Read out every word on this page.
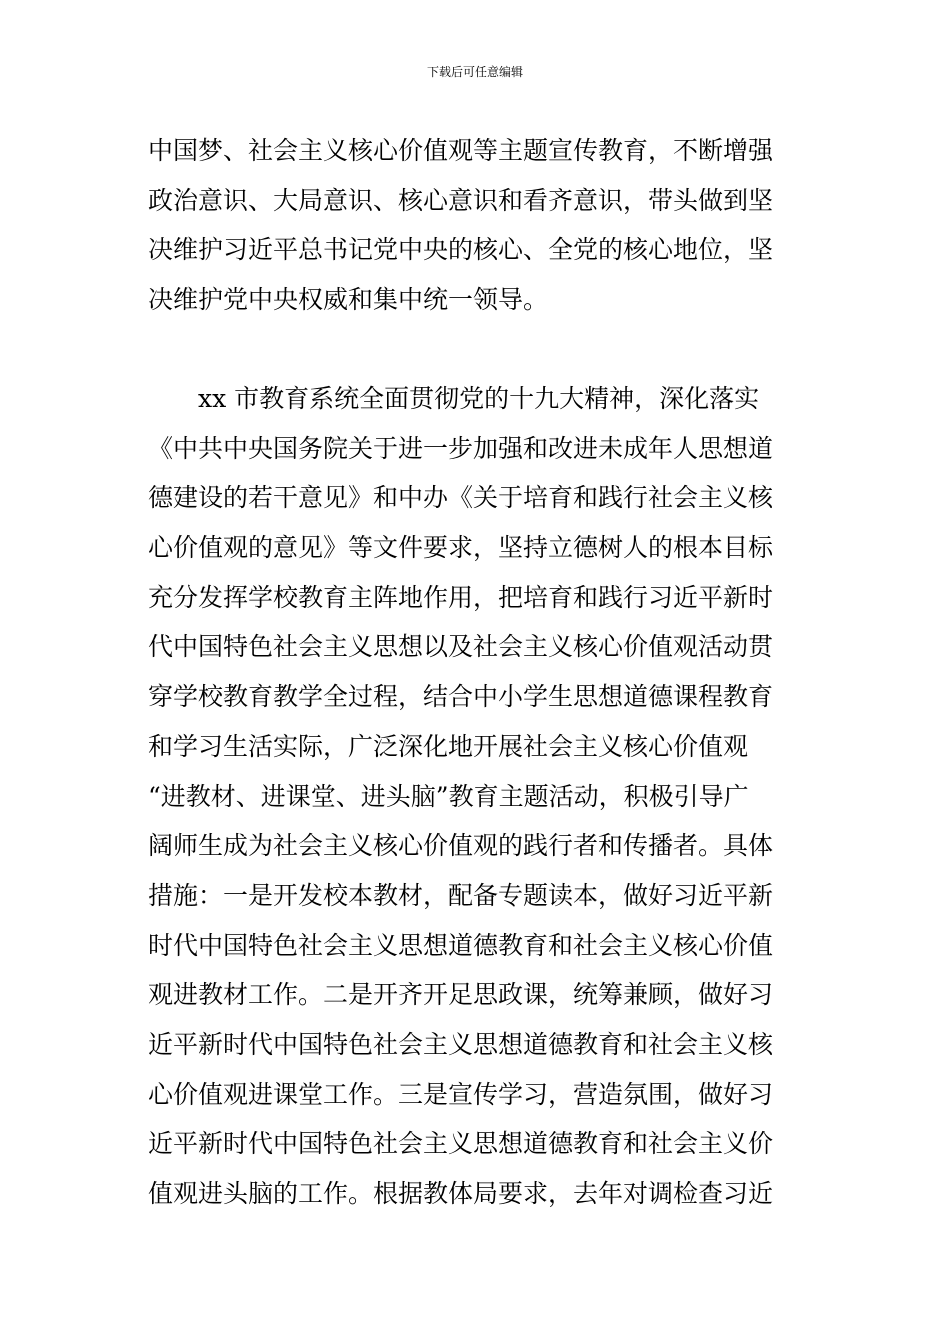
下载后可任意编辑
中国梦、社会主义核心价值观等主题宣传教育，不断增强
政治意识、大局意识、核心意识和看齐意识，带头做到坚
决维护习近平总书记党中央的核心、全党的核心地位，坚
决维护党中央权威和集中统一领导。
　　xx 市教育系统全面贯彻党的十九大精神，深化落实
《中共中央国务院关于进一步加强和改进未成年人思想道
德建设的若干意见》和中办《关于培育和践行社会主义核
心价值观的意见》等文件要求，坚持立德树人的根本目标
充分发挥学校教育主阵地作用，把培育和践行习近平新时
代中国特色社会主义思想以及社会主义核心价值观活动贯
穿学校教育教学全过程，结合中小学生思想道德课程教育
和学习生活实际，广泛深化地开展社会主义核心价值观
“进教材、进课堂、进头脑”教育主题活动，积极引导广
阔师生成为社会主义核心价值观的践行者和传播者。具体
措施：一是开发校本教材，配备专题读本，做好习近平新
时代中国特色社会主义思想道德教育和社会主义核心价值
观进教材工作。二是开齐开足思政课，统筹兼顾，做好习
近平新时代中国特色社会主义思想道德教育和社会主义核
心价值观进课堂工作。三是宣传学习，营造氛围，做好习
近平新时代中国特色社会主义思想道德教育和社会主义价
值观进头脑的工作。根据教体局要求，去年对调检查习近
